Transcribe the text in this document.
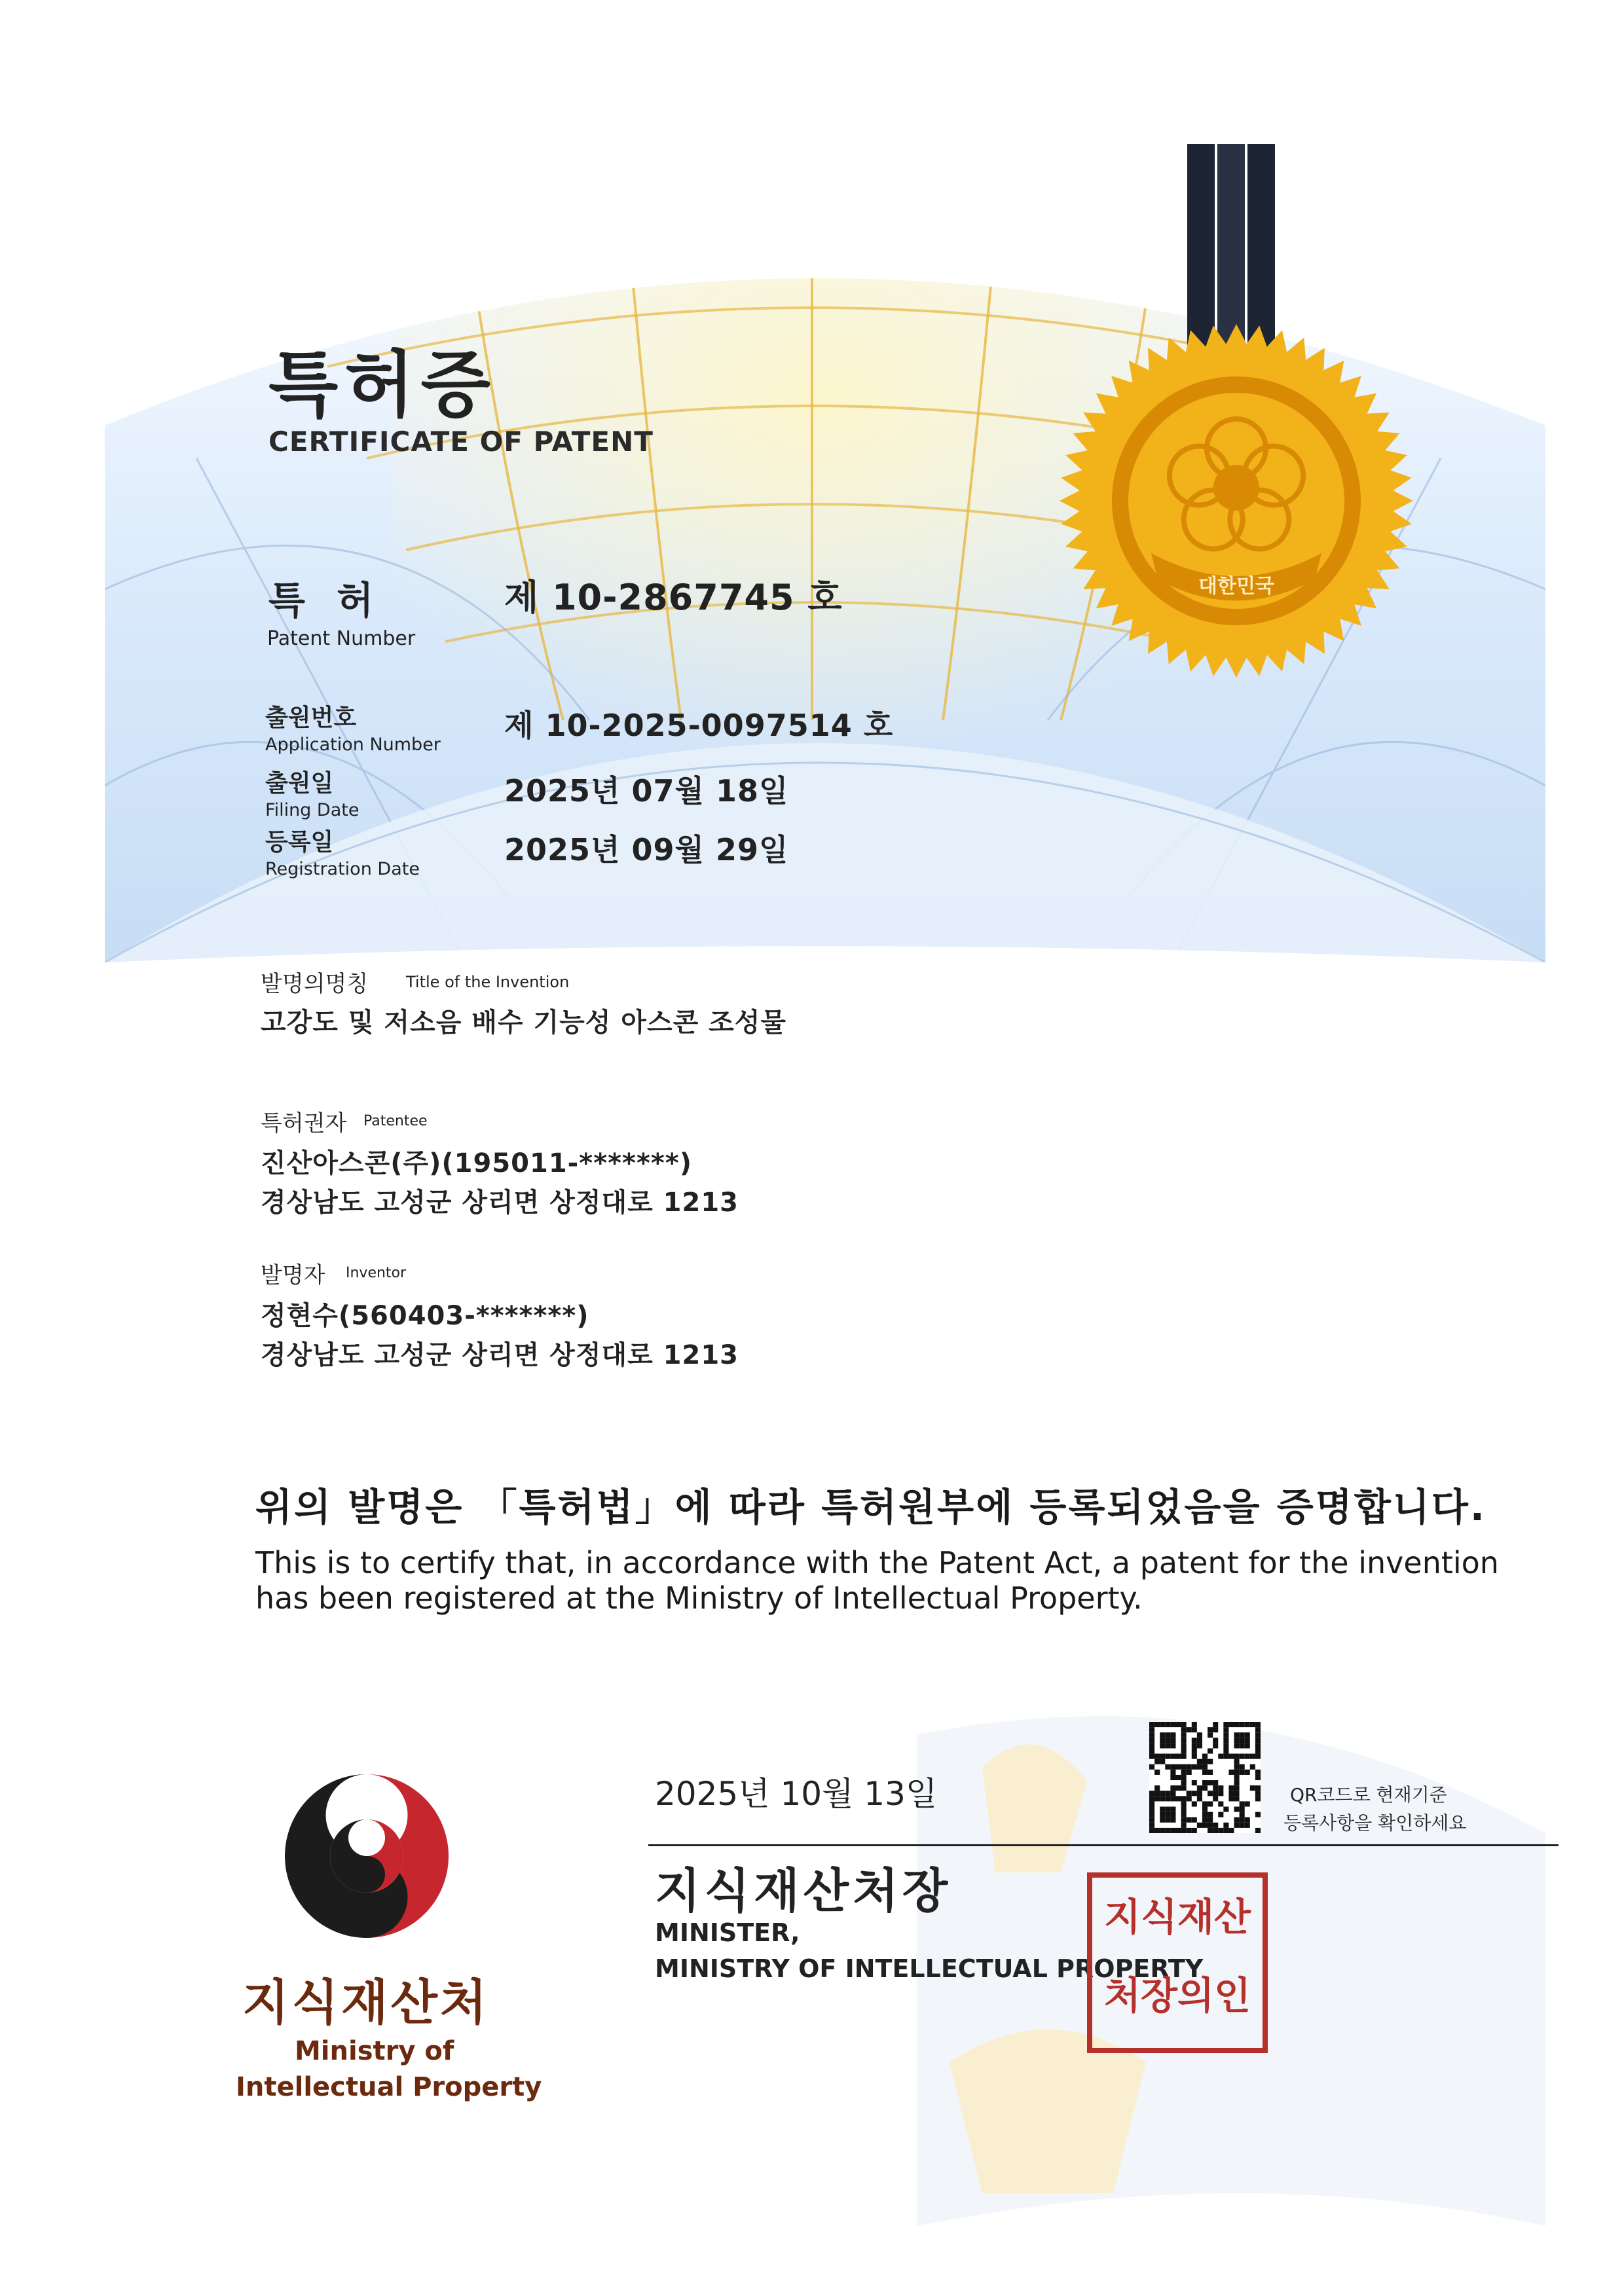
대한민국
특허증
CERTIFICATE OF PATENT
특 허
Patent Number
제 10-2867745 호
출원번호
Application Number
제 10-2025-0097514 호
출원일
Filing Date
2025년 07월 18일
등록일
Registration Date
2025년 09월 29일
발명의명칭 Title of the Invention
고강도 및 저소음 배수 기능성 아스콘 조성물
특허권자 Patentee
진산아스콘(주)(195011-*******)
경상남도 고성군 상리면 상정대로 1213
발명자 Inventor
정현수(560403-*******)
경상남도 고성군 상리면 상정대로 1213
위의 발명은 「특허법」에 따라 특허원부에 등록되었음을 증명합니다.
This is to certify that, in accordance with the Patent Act, a patent for the invention has been registered at the Ministry of Intellectual Property.
2025년 10월 13일	QR코드로 현재기준
등록사항을 확인하세요
지식재산처장
MINISTER,
MINISTRY OF INTELLECTUAL PROPERTY
지식재산
처장의인
지식재산처
Ministry of
Intellectual Property
